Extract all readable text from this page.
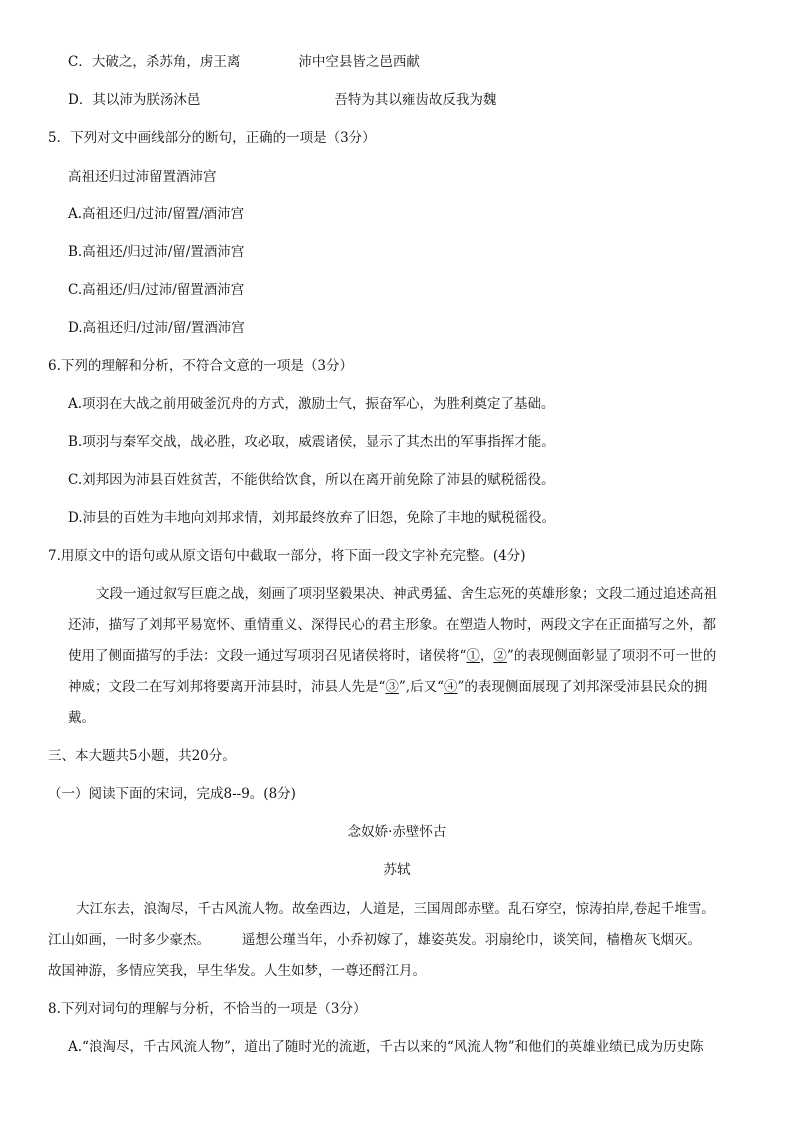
C．大破之，杀苏角，虏王离	沛中空县皆之邑西献
D．其以沛为朕汤沐邑	吾特为其以雍齿故反我为魏
5．下列对文中画线部分的断句，正确的一项是（3分）
高祖还归过沛留置酒沛宫
A.高祖还归/过沛/留置/酒沛宫
B.高祖还/归过沛/留/置酒沛宫
C.高祖还/归/过沛/留置酒沛宫
D.高祖还归/过沛/留/置酒沛宫
6.下列的理解和分析，不符合文意的一项是（3分）
A.项羽在大战之前用破釜沉舟的方式，激励士气，振奋军心，为胜利奠定了基础。
B.项羽与秦军交战，战必胜，攻必取，威震诸侯，显示了其杰出的军事指挥才能。
C.刘邦因为沛县百姓贫苦，不能供给饮食，所以在离开前免除了沛县的赋税徭役。
D.沛县的百姓为丰地向刘邦求情，刘邦最终放弃了旧怨，免除了丰地的赋税徭役。
7.用原文中的语句或从原文语句中截取一部分，将下面一段文字补充完整。(4分)
文段一通过叙写巨鹿之战，刻画了项羽坚毅果决、神武勇猛、舍生忘死的英雄形象；文段二通过追述高祖
还沛，描写了刘邦平易宽怀、重情重义、深得民心的君主形象。在塑造人物时，两段文字在正面描写之外，都
使用了侧面描写的手法：文段一通过写项羽召见诸侯将时，诸侯将“①，②”的表现侧面彰显了项羽不可一世的
神威；文段二在写刘邦将要离开沛县时，沛县人先是“③”,后又“④”的表现侧面展现了刘邦深受沛县民众的拥
戴。
三、本大题共5小题，共20分。
（一）阅读下面的宋词，完成8--9。(8分)
念奴娇·赤壁怀古
苏轼
大江东去，浪淘尽，千古风流人物。故垒西边，人道是，三国周郎赤壁。乱石穿空，惊涛拍岸,卷起千堆雪。
江山如画，一时多少豪杰。 遥想公瑾当年，小乔初嫁了，雄姿英发。羽扇纶巾，谈笑间，樯橹灰飞烟灭。
故国神游，多情应笑我，早生华发。人生如梦，一尊还酹江月。
8.下列对词句的理解与分析，不恰当的一项是（3分）
A.“浪淘尽，千古风流人物”，道出了随时光的流逝，千古以来的“风流人物”和他们的英雄业绩已成为历史陈
